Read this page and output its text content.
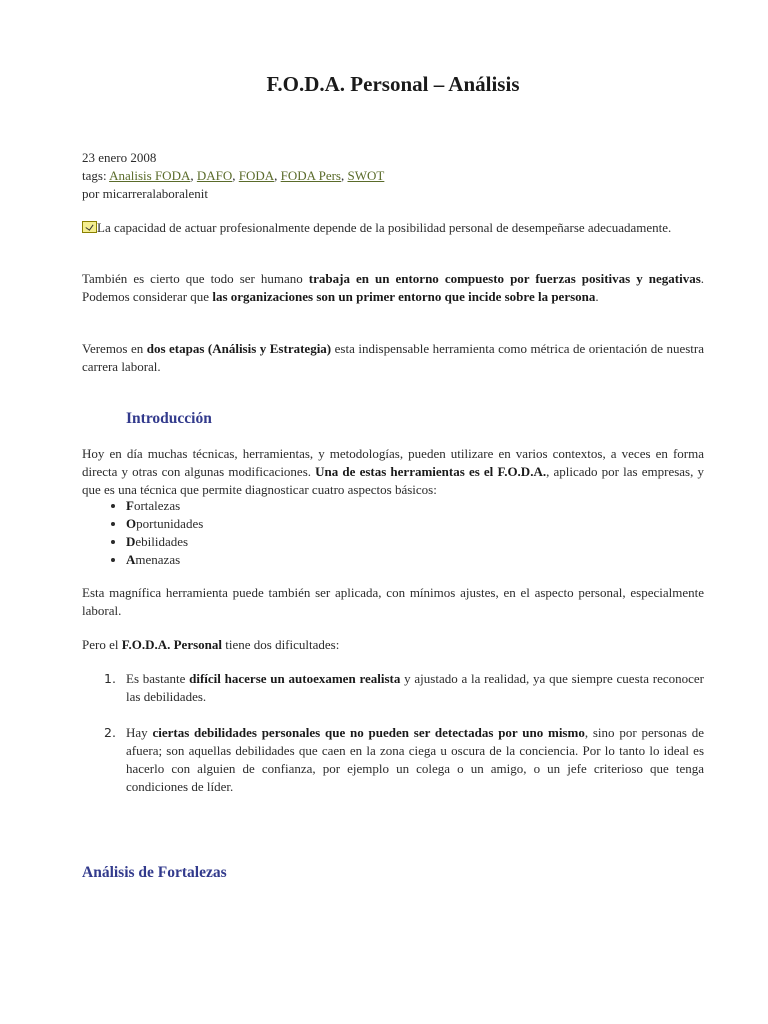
F.O.D.A. Personal – Análisis
23 enero 2008
tags: Analisis FODA, DAFO, FODA, FODA Pers, SWOT
por micarreralaboralenit

La capacidad de actuar profesionalmente depende de la posibilidad personal de desempeñarse adecuadamente.

También es cierto que todo ser humano trabaja en un entorno compuesto por fuerzas positivas y negativas. Podemos considerar que las organizaciones son un primer entorno que incide sobre la persona.

Veremos en dos etapas (Análisis y Estrategia) esta indispensable herramienta como métrica de orientación de nuestra carrera laboral.

Introducción

Hoy en día muchas técnicas, herramientas, y metodologías, pueden utilizare en varios contextos, a veces en forma directa y otras con algunas modificaciones. Una de estas herramientas es el F.O.D.A., aplicado por las empresas, y que es una técnica que permite diagnosticar cuatro aspectos básicos:

• Fortalezas
• Oportunidades
• Debilidades
• Amenazas

Esta magnífica herramienta puede también ser aplicada, con mínimos ajustes, en el aspecto personal, especialmente laboral.

Pero el F.O.D.A. Personal tiene dos dificultades:

1. Es bastante difícil hacerse un autoexamen realista y ajustado a la realidad, ya que siempre cuesta reconocer las debilidades.
2. Hay ciertas debilidades personales que no pueden ser detectadas por uno mismo, sino por personas de afuera; son aquellas debilidades que caen en la zona ciega u oscura de la conciencia. Por lo tanto lo ideal es hacerlo con alguien de confianza, por ejemplo un colega o un amigo, o un jefe criterioso que tenga condiciones de líder.
Análisis de Fortalezas
